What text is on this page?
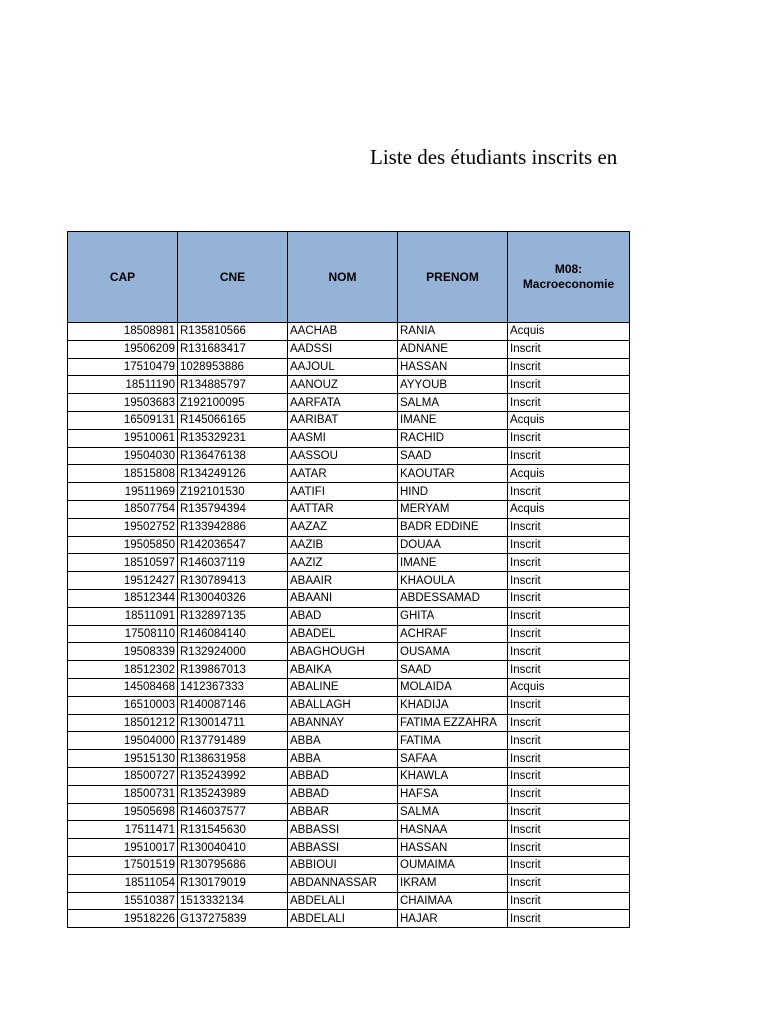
Liste des étudiants inscrits en
CAP	CNE	NOM	PRENOM	M08: Macroeconomie
18508981	R135810566	AACHAB	RANIA	Acquis
19506209	R131683417	AADSSI	ADNANE	Inscrit
17510479	1028953886	AAJOUL	HASSAN	Inscrit
18511190	R134885797	AANOUZ	AYYOUB	Inscrit
19503683	Z192100095	AARFATA	SALMA	Inscrit
16509131	R145066165	AARIBAT	IMANE	Acquis
19510061	R135329231	AASMI	RACHID	Inscrit
19504030	R136476138	AASSOU	SAAD	Inscrit
18515808	R134249126	AATAR	KAOUTAR	Acquis
19511969	Z192101530	AATIFI	HIND	Inscrit
18507754	R135794394	AATTAR	MERYAM	Acquis
19502752	R133942886	AAZAZ	BADR EDDINE	Inscrit
19505850	R142036547	AAZIB	DOUAA	Inscrit
18510597	R146037119	AAZIZ	IMANE	Inscrit
19512427	R130789413	ABAAIR	KHAOULA	Inscrit
18512344	R130040326	ABAANI	ABDESSAMAD	Inscrit
18511091	R132897135	ABAD	GHITA	Inscrit
17508110	R146084140	ABADEL	ACHRAF	Inscrit
19508339	R132924000	ABAGHOUGH	OUSAMA	Inscrit
18512302	R139867013	ABAIKA	SAAD	Inscrit
14508468	1412367333	ABALINE	MOLAIDA	Acquis
16510003	R140087146	ABALLAGH	KHADIJA	Inscrit
18501212	R130014711	ABANNAY	FATIMA EZZAHRA	Inscrit
19504000	R137791489	ABBA	FATIMA	Inscrit
19515130	R138631958	ABBA	SAFAA	Inscrit
18500727	R135243992	ABBAD	KHAWLA	Inscrit
18500731	R135243989	ABBAD	HAFSA	Inscrit
19505698	R146037577	ABBAR	SALMA	Inscrit
17511471	R131545630	ABBASSI	HASNAA	Inscrit
19510017	R130040410	ABBASSI	HASSAN	Inscrit
17501519	R130795686	ABBIOUI	OUMAIMA	Inscrit
18511054	R130179019	ABDANNASSAR	IKRAM	Inscrit
15510387	1513332134	ABDELALI	CHAIMAA	Inscrit
19518226	G137275839	ABDELALI	HAJAR	Inscrit
